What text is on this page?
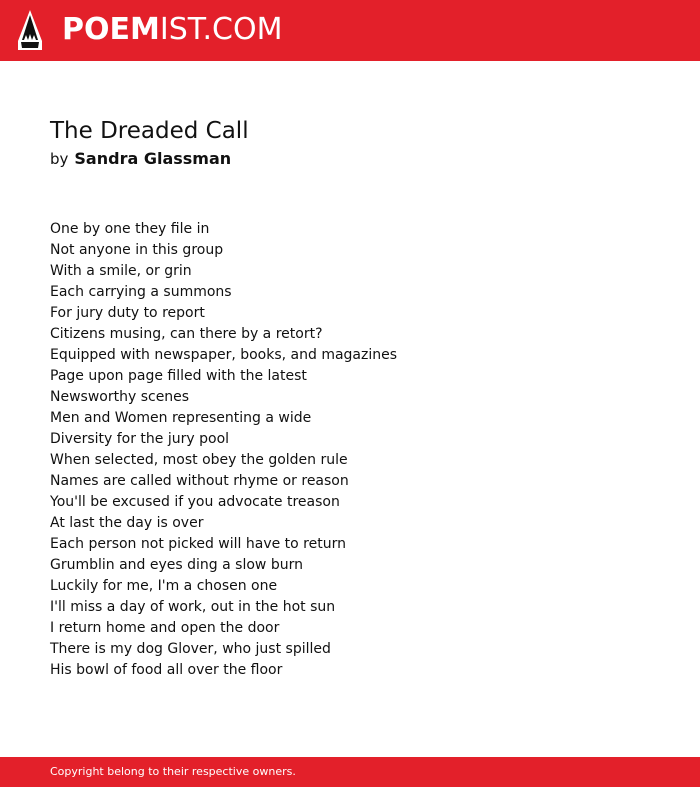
POEMIST.COM
The Dreaded Call
by Sandra Glassman
One by one they file in
Not anyone in this group
With a smile, or grin
Each carrying a summons
For jury duty to report
Citizens musing, can there by a retort?
Equipped with newspaper, books, and magazines
Page upon page filled with the latest
Newsworthy scenes
Men and Women representing a wide
Diversity for the jury pool
When selected, most obey the golden rule
Names are called without rhyme or reason
You'll be excused if you advocate treason
At last the day is over
Each person not picked will have to return
Grumblin and eyes ding a slow burn
Luckily for me, I'm a chosen one
I'll miss a day of work, out in the hot sun
I return home and open the door
There is my dog Glover, who just spilled
His bowl of food all over the floor
Copyright belong to their respective owners.
